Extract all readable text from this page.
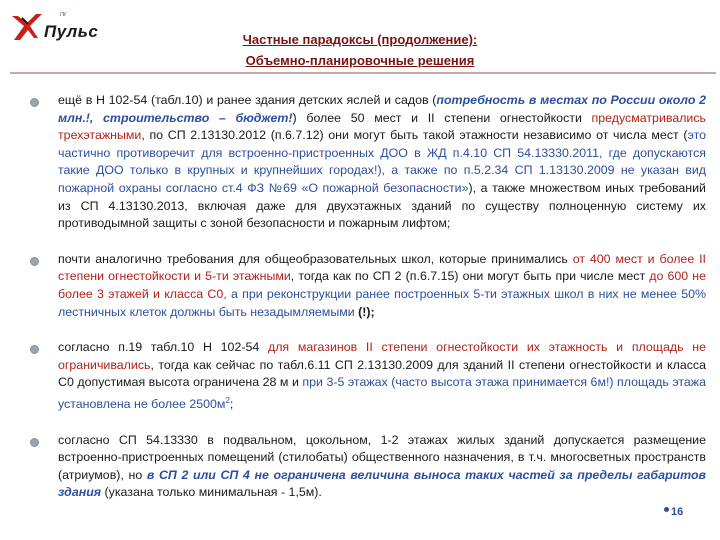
ГК
Пульс	Частные парадоксы (продолжение):
Объемно-планировочные решения
ещё в Н 102-54 (табл.10) и ранее здания детских яслей и садов (потребность в местах по России около 2 млн.!, строительство – бюджет!) более 50 мест и II степени огнестойкости предусматривались трехэтажными, по СП 2.13130.2012 (п.6.7.12) они могут быть такой этажности независимо от числа мест (это частично противоречит для встроенно-пристроенных ДОО в ЖД п.4.10 СП 54.13330.2011, где допускаются такие ДОО только в крупных и крупнейших городах!), а также по п.5.2.34 СП 1.13130.2009 не указан вид пожарной охраны согласно ст.4 ФЗ №69 «О пожарной безопасности»), а также множеством иных требований из СП 4.13130.2013, включая даже для двухэтажных зданий по существу полноценную систему их противодымной защиты с зоной безопасности и пожарным лифтом;
почти аналогично требования для общеобразовательных школ, которые принимались от 400 мест и более II степени огнестойкости и 5-ти этажными, тогда как по СП 2 (п.6.7.15) они могут быть при числе мест до 600 не более 3 этажей и класса С0, а при реконструкции ранее построенных 5-ти этажных школ в них не менее 50% лестничных клеток должны быть незадымляемыми (!);
согласно п.19 табл.10 Н 102-54 для магазинов II степени огнестойкости их этажность и площадь не ограничивались, тогда как сейчас по табл.6.11 СП 2.13130.2009 для зданий II степени огнестойкости и класса С0 допустимая высота ограничена 28 м и при 3-5 этажах (часто высота этажа принимается 6м!) площадь этажа установлена не более $2500м^2$;
согласно СП 54.13330 в подвальном, цокольном, 1-2 этажах жилых зданий допускается размещение встроенно-пристроенных помещений (стилобаты) общественного назначения, в т.ч. многосветных пространств (атриумов), но в СП 2 или СП 4 не ограничена величина выноса таких частей за пределы габаритов здания (указана только минимальная - 1,5м).
16
